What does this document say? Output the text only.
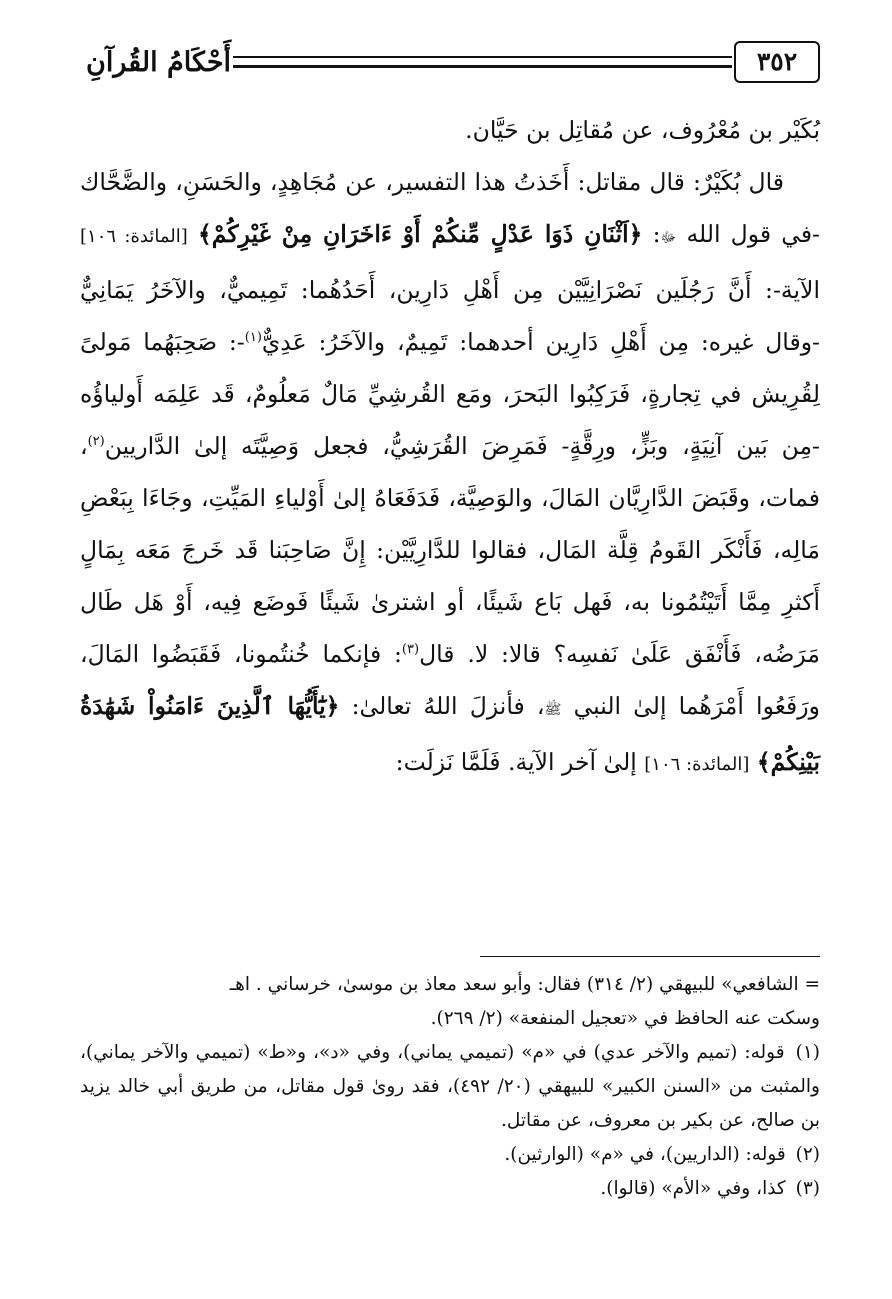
٣٥٢
أَحْكَامُ القُرآنِ

بُكَيْر بن مُعْرُوف، عن مُقاتِل بن حَيَّان.

قال بُكَيْرٌ: قال مقاتل: أَخَذتُ هذا التفسير، عن مُجَاهِدٍ، والحَسَنِ، والضَّحَّاك -في قول الله ﷻ: ﴿اَثْنَانِ ذَوَا عَدْلٍ مِّنكُمْ أَوْ ءَاخَرَانِ مِنْ غَيْرِكُمْ﴾ [المائدة: ١٠٦] الآية-: أَنَّ رَجُلَين نَصْرَانِيَّيْن مِن أَهْلِ دَارِين، أَحَدُهُما: تَمِيميٌّ، والآخَرُ يَمَانِيٌّ -وقال غيره: مِن أَهْلِ دَارِين أحدهما: تَمِيمٌ، والآخَرُ: عَدِيٌّ$^{(١)}$-: صَحِبَهُما مَولىً لِقُرِيش في تِجارةٍ، فَرَكِبُوا البَحرَ، ومَع القُرشِيِّ مَالٌ مَعلُومٌ، قَد عَلِمَه أَولياؤُه -مِن بَين آنِيَةٍ، وبَزٍّ، ورِقَّةٍ- فَمَرِضَ القُرَشِيُّ، فجعل وَصِيَّتَه إلىٰ الدَّاريين$^{(٢)}$، فمات، وقَبَضَ الدَّارِيَّان المَالَ، والوَصِيَّة، فَدَفَعَاهُ إلىٰ أَوْلياءِ المَيِّتِ، وجَاءَا بِبَعْضِ مَالِه، فَأَنْكَر القَومُ قِلَّة المَال، فقالوا للدَّارِيَّيْن: إِنَّ صَاحِبَنا قَد خَرجَ مَعَه بِمَالٍ أَكثرِ مِمَّا أَتَيْتُمُونا به، فَهل بَاع شَيئًا، أو اشترىٰ شَيئًا فَوضَع فِيه، أَوْ هَل طَال مَرَضُه، فَأَنْفَق عَلَىٰ نَفسِه؟ قالا: لا. قال$^{(٣)}$: فإنكما خُنتُمونا، فَقَبَضُوا المَالَ، ورَفَعُوا أَمْرَهُما إلىٰ النبي ﷺ، فأنزلَ اللهُ تعالىٰ: ﴿يَٰٓأَيُّهَا ٱلَّذِينَ ءَامَنُواْ شَهَٰدَةُ بَيْنِكُمْ﴾ [المائدة: ١٠٦] إلىٰ آخر الآية. فَلَمَّا نَزلَت:

= الشافعي» للبيهقي (٢/ ٣١٤) فقال: وأبو سعد معاذ بن موسىٰ، خرساني . اهـ

وسكت عنه الحافظ في «تعجيل المنفعة» (٢/ ٢٦٩).

(١) قوله: (تميم والآخر عدي) في «م» (تميمي يماني)، وفي «د»، و«ط» (تميمي والآخر يماني)، والمثبت من «السنن الكبير» للبيهقي (٢٠/ ٤٩٢)، فقد روىٰ قول مقاتل، من طريق أبي خالد يزيد بن صالح، عن بكير بن معروف، عن مقاتل.

(٢) قوله: (الداريين)، في «م» (الوارثين).

(٣) كذا، وفي «الأم» (قالوا).
